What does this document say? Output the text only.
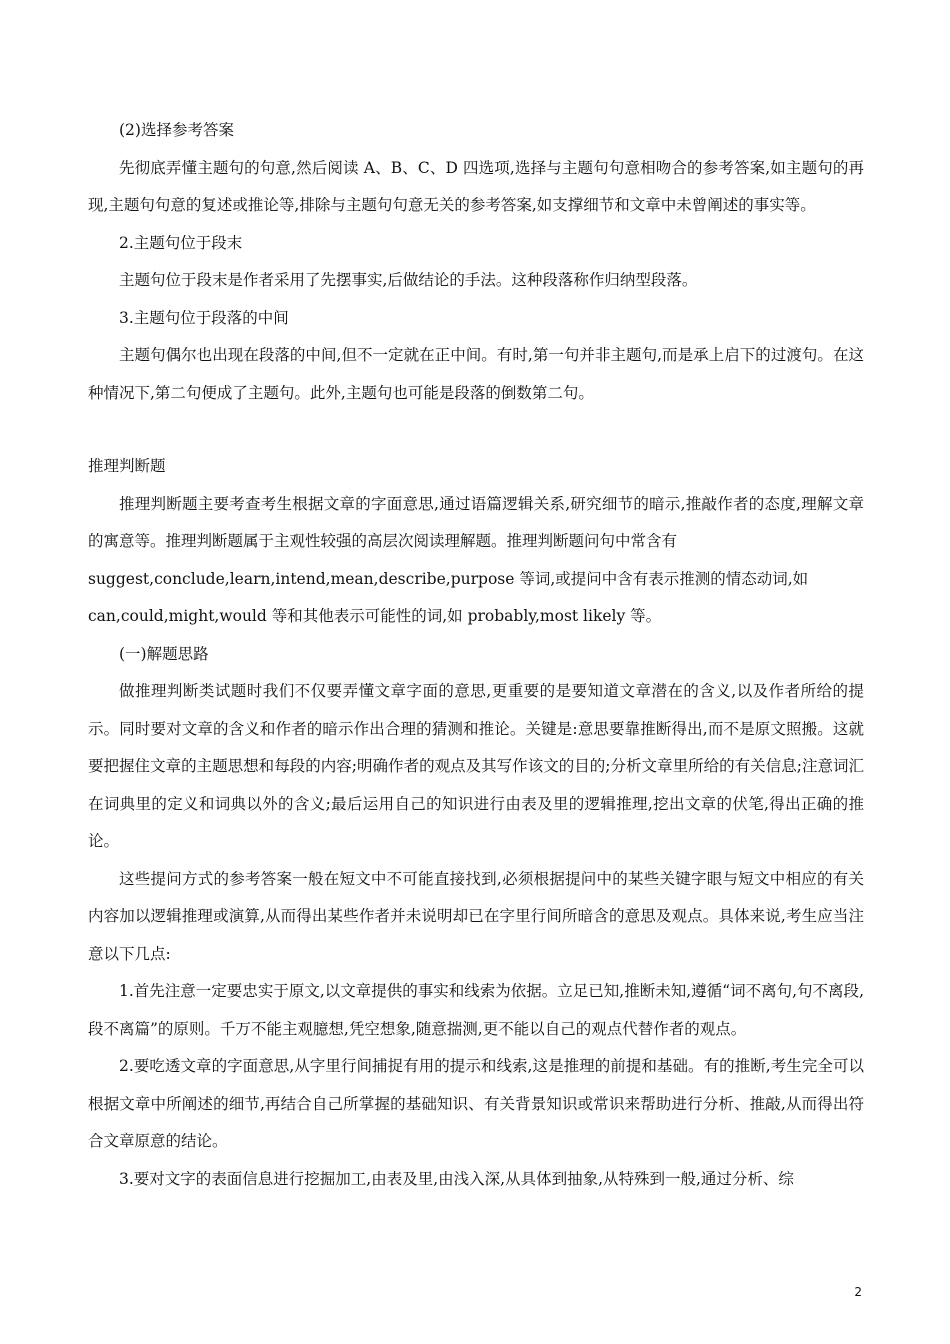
(2)选择参考答案

先彻底弄懂主题句的句意,然后阅读 A、B、C、D 四选项,选择与主题句句意相吻合的参考答案,如主题句的再现,主题句句意的复述或推论等,排除与主题句句意无关的参考答案,如支撑细节和文章中未曾阐述的事实等。

2.主题句位于段末

主题句位于段末是作者采用了先摆事实,后做结论的手法。这种段落称作归纳型段落。

3.主题句位于段落的中间

主题句偶尔也出现在段落的中间,但不一定就在正中间。有时,第一句并非主题句,而是承上启下的过渡句。在这种情况下,第二句便成了主题句。此外,主题句也可能是段落的倒数第二句。

推理判断题

推理判断题主要考查考生根据文章的字面意思,通过语篇逻辑关系,研究细节的暗示,推敲作者的态度,理解文章的寓意等。推理判断题属于主观性较强的高层次阅读理解题。推理判断题问句中常含有

suggest,conclude,learn,intend,mean,describe,purpose 等词,或提问中含有表示推测的情态动词,如

can,could,might,would 等和其他表示可能性的词,如 probably,most likely 等。

(一)解题思路

做推理判断类试题时我们不仅要弄懂文章字面的意思,更重要的是要知道文章潜在的含义,以及作者所给的提示。同时要对文章的含义和作者的暗示作出合理的猜测和推论。关键是:意思要靠推断得出,而不是原文照搬。这就要把握住文章的主题思想和每段的内容;明确作者的观点及其写作该文的目的;分析文章里所给的有关信息;注意词汇在词典里的定义和词典以外的含义;最后运用自己的知识进行由表及里的逻辑推理,挖出文章的伏笔,得出正确的推论。

这些提问方式的参考答案一般在短文中不可能直接找到,必须根据提问中的某些关键字眼与短文中相应的有关内容加以逻辑推理或演算,从而得出某些作者并未说明却已在字里行间所暗含的意思及观点。具体来说,考生应当注意以下几点:

1.首先注意一定要忠实于原文,以文章提供的事实和线索为依据。立足已知,推断未知,遵循“词不离句,句不离段,段不离篇”的原则。千万不能主观臆想,凭空想象,随意揣测,更不能以自己的观点代替作者的观点。

2.要吃透文章的字面意思,从字里行间捕捉有用的提示和线索,这是推理的前提和基础。有的推断,考生完全可以根据文章中所阐述的细节,再结合自己所掌握的基础知识、有关背景知识或常识来帮助进行分析、推敲,从而得出符合文章原意的结论。

3.要对文字的表面信息进行挖掘加工,由表及里,由浅入深,从具体到抽象,从特殊到一般,通过分析、综

2
